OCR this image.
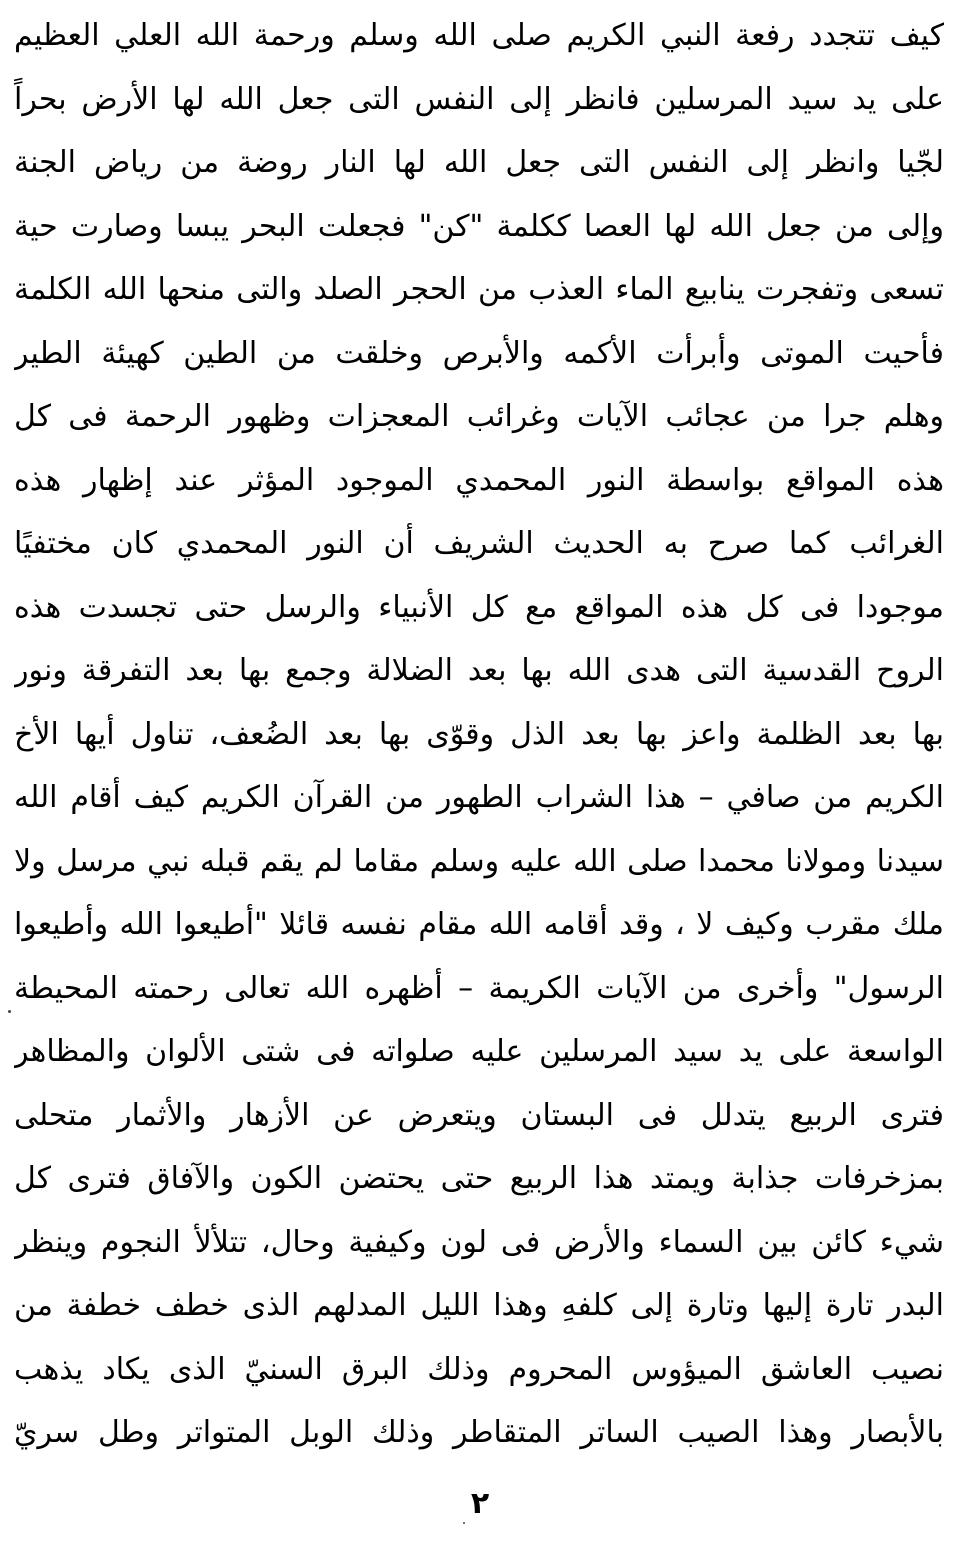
كيف تتجدد رفعة النبي الكريم صلى الله وسلم ورحمة الله العلي العظيم
على يد سيد المرسلين فانظر إلى النفس التى جعل الله لها الأرض بحراً
لجّيا وانظر إلى النفس التى جعل الله لها النار روضة من رياض الجنة
وإلى من جعل الله لها العصا ككلمة "كن" فجعلت البحر يبسا وصارت حية
تسعى وتفجرت ينابيع الماء العذب من الحجر الصلد والتى منحها الله الكلمة
فأحيت الموتى وأبرأت الأكمه والأبرص وخلقت من الطين كهيئة الطير
وهلم جرا من عجائب الآيات وغرائب المعجزات وظهور الرحمة فى كل
هذه المواقع بواسطة النور المحمدي الموجود المؤثر عند إظهار هذه
الغرائب كما صرح به الحديث الشريف أن النور المحمدي كان مختفيًا
موجودا فى كل هذه المواقع مع كل الأنبياء والرسل حتى تجسدت هذه
الروح القدسية التى هدى الله بها بعد الضلالة وجمع بها بعد التفرقة ونور
بها بعد الظلمة واعز بها بعد الذل وقوّى بها بعد الضُعف، تناول أيها الأخ
الكريم من صافي – هذا الشراب الطهور من القرآن الكريم كيف أقام الله
سيدنا ومولانا محمدا صلى الله عليه وسلم مقاما لم يقم قبله نبي مرسل ولا
ملك مقرب وكيف لا ، وقد أقامه الله مقام نفسه قائلا "أطيعوا الله وأطيعوا
الرسول" وأخرى من الآيات الكريمة – أظهره الله تعالى رحمته المحيطة
الواسعة على يد سيد المرسلين عليه صلواته فى شتى الألوان والمظاهر
فترى الربيع يتدلل فى البستان ويتعرض عن الأزهار والأثمار متحلى
بمزخرفات جذابة ويمتد هذا الربيع حتى يحتضن الكون والآفاق فترى كل
شيء كائن بين السماء والأرض فى لون وكيفية وحال، تتلألأ النجوم وينظر
البدر تارة إليها وتارة إلى كلفهِ وهذا الليل المدلهم الذى خطف خطفة من
نصيب العاشق الميؤوس المحروم وذلك البرق السنيّ الذى يكاد يذهب
بالأبصار وهذا الصيب الساتر المتقاطر وذلك الوبل المتواتر وطل سريّ
٢
